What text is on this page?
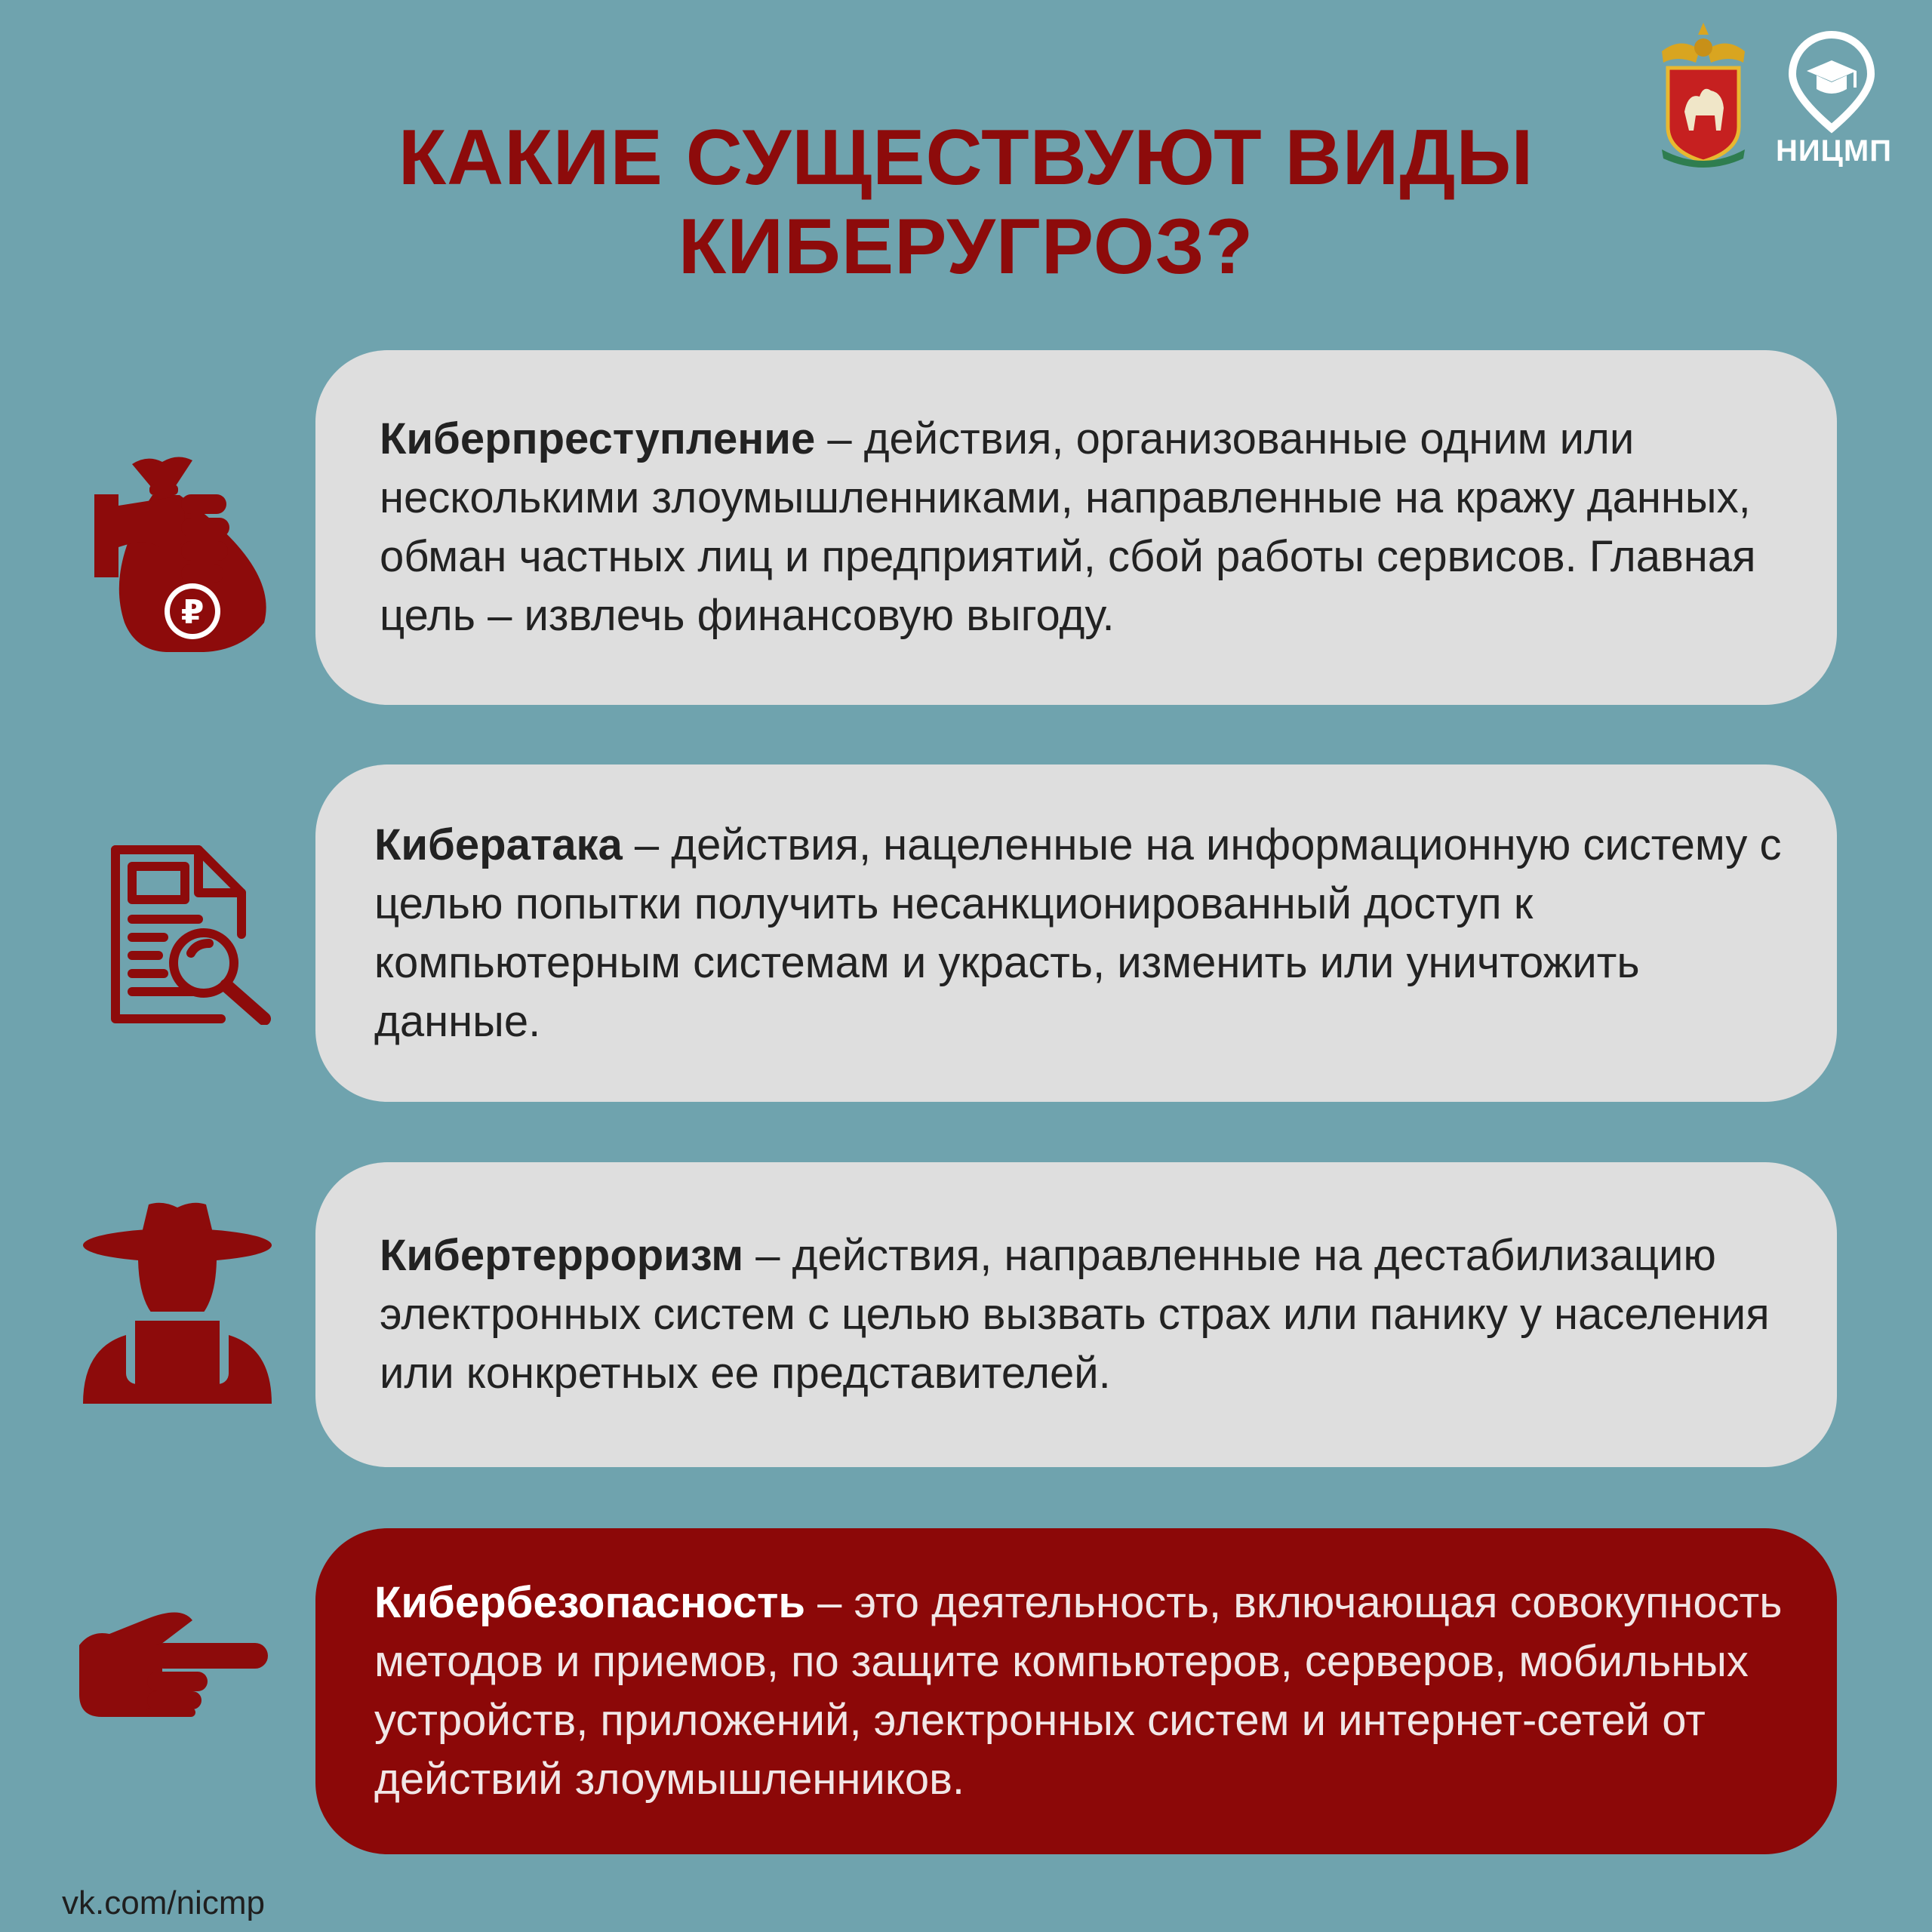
КАКИЕ СУЩЕСТВУЮТ ВИДЫ
КИБЕРУГРОЗ?
НИЦМП
₽
Киберпреступление – действия, организованные одним или несколькими злоумышленниками, направленные на кражу данных, обман частных лиц и предприятий, сбой работы сервисов. Главная цель – извлечь финансовую выгоду.
Кибератака – действия, нацеленные на информационную систему с целью попытки получить несанкционированный доступ к компьютерным системам и украсть, изменить или уничтожить данные.
Кибертерроризм – действия, направленные на дестабилизацию электронных систем с целью вызвать страх или панику у населения или конкретных ее представителей.
Кибербезопасность – это деятельность, включающая совокупность методов и приемов, по защите компьютеров, серверов, мобильных устройств, приложений, электронных систем и интернет-сетей от действий злоумышленников.
vk.com/nicmp
